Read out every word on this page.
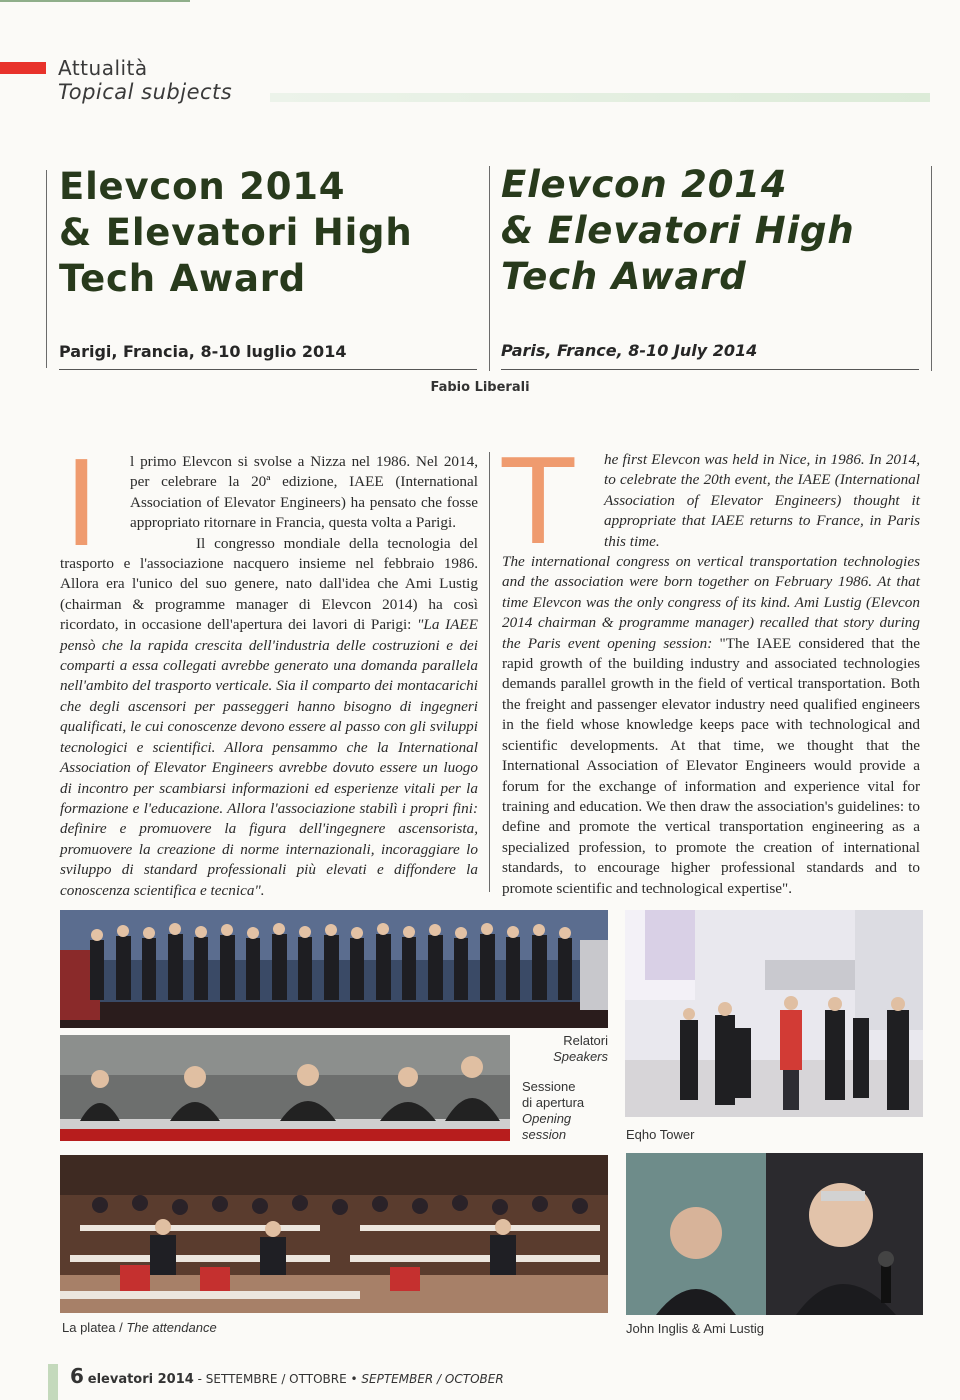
Attualità
Topical subjects
Elevcon 2014
& Elevatori High
Tech Award
Parigi, Francia, 8-10 luglio 2014
Elevcon 2014
& Elevatori High
Tech Award
Paris, France, 8-10 July 2014
Fabio Liberali
I	l primo Elevcon si svolse a Nizza nel 1986. Nel 2014, per celebrare la 20ª edizione, IAEE (International Association of Elevator Engineers) ha pensato che fosse appropriato ritornare in Francia, questa volta a Parigi.

Il congresso mondiale della tecnologia del trasporto e l'associazione nacquero insieme nel febbraio 1986. Allora era l'unico del suo genere, nato dall'idea che Ami Lustig (chairman & programme manager di Elevcon 2014) ha così ricordato, in occasione dell'apertura dei lavori di Parigi: "La IAEE pensò che la rapida crescita dell'industria delle costruzioni e dei comparti a essa collegati avrebbe generato una domanda parallela nell'ambito del trasporto verticale. Sia il comparto dei montacarichi che degli ascensori per passeggeri hanno bisogno di ingegneri qualificati, le cui conoscenze devono essere al passo con gli sviluppi tecnologici e scientifici. Allora pensammo che la International Association of Elevator Engineers avrebbe dovuto essere un luogo di incontro per scambiarsi informazioni ed esperienze vitali per la formazione e l'educazione. Allora l'associazione stabilì i propri fini: definire e promuovere la figura dell'ingegnere ascensorista, promuovere la creazione di norme internazionali, incoraggiare lo sviluppo di standard professionali più elevati e diffondere la conoscenza scientifica e tecnica".

T	he first Elevcon was held in Nice, in 1986. In 2014, to celebrate the 20th event, the IAEE (International Association of Elevator Engineers) thought it appropriate that IAEE returns to France, in Paris this time.

The international congress on vertical transportation technologies and the association were born together on February 1986. At that time Elevcon was the only congress of its kind. Ami Lustig (Elevcon 2014 chairman & programme manager) recalled that story during the Paris event opening session: "The IAEE considered that the rapid growth of the building industry and associated technologies demands parallel growth in the field of vertical transportation. Both the freight and passenger elevator industry need qualified engineers in the field whose knowledge keeps pace with technological and scientific developments. At that time, we thought that the International Association of Elevator Engineers would provide a forum for the exchange of information and experience vital for training and education. We then draw the association's guidelines: to define and promote the vertical transportation engineering as a specialized profession, to promote the creation of international standards, to encourage higher professional standards and to promote scientific and technological expertise".

Relatori
Speakers
Sessione
di apertura
Opening
session	Eqho Tower
La platea / The attendance	John Inglis & Ami Lustig
6 elevatori 2014 - SETTEMBRE / OTTOBRE • SEPTEMBER / OCTOBER
